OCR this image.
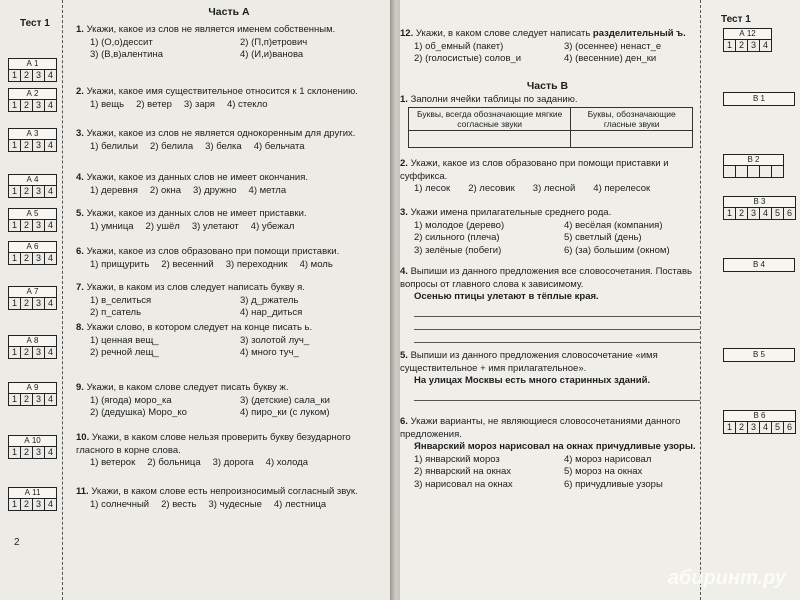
Тест 1
А 1
1 2 3 4
А 2
1 2 3 4
А 3
1 2 3 4
А 4
1 2 3 4
А 5
1 2 3 4
А 6
1 2 3 4
А 7
1 2 3 4
А 8
1 2 3 4
А 9
1 2 3 4
А 10
1 2 3 4
А 11
1 2 3 4
Часть А
2
1. Укажи, какое из слов не является именем собственным.
1) (О,о)дессит	2) (П,п)етрович
3) (В,в)алентина	4) (И,и)ванова
2. Укажи, какое имя существительное относится к 1 склонению.
1) вещь 2) ветер 3) заря 4) стекло
3. Укажи, какое из слов не является однокоренным для других.
1) белильи 2) белила 3) белка 4) бельчата
4. Укажи, какое из данных слов не имеет окончания.
1) деревня 2) окна 3) дружно 4) метла
5. Укажи, какое из данных слов не имеет приставки.
1) умница 2) ушёл 3) улетают 4) убежал
6. Укажи, какое из слов образовано при помощи приставки.
1) прищурить 2) весенний 3) переходник 4) моль
7. Укажи, в каком из слов следует написать букву я.
1) в_селиться	3) д_ржатель
2) п_сатель	4) нар_диться
8. Укажи слово, в котором следует на конце писать ь.
1) ценная вещ_	3) золотой луч_
2) речной лещ_	4) много туч_
9. Укажи, в каком слове следует писать букву ж.
1) (ягода) моро_ка	3) (детские) сала_ки
2) (дедушка) Моро_ко	4) пиро_ки (с луком)
10. Укажи, в каком слове нельзя проверить букву безударного гласного в корне слова.
1) ветерок 2) больница 3) дорога 4) холода
11. Укажи, в каком слове есть непроизносимый согласный звук.
1) солнечный 2) весть 3) чудесные 4) лестница
Тест 1
А 12
1 2 3 4
В 1
В 2
В 3
1 2 3 4 5 6
В 4
В 5
В 6
1 2 3 4 5 6
12. Укажи, в каком слове следует написать разделительный ъ.
1) об_емный (пакет)	3) (осеннее) ненаст_е
2) (голосистые) солов_и	4) (весенние) ден_ки
Часть В
1. Заполни ячейки таблицы по заданию.
Буквы, всегда обозначающие мягкие согласные звуки	Буквы, обозначающие гласные звуки

2. Укажи, какое из слов образовано при помощи приставки и суффикса.
1) лесок 2) лесовик 3) лесной 4) перелесок
3. Укажи имена прилагательные среднего рода.
1) молодое (дерево)	4) весёлая (компания)
2) сильного (плеча)	5) светлый (день)
3) зелёные (побеги)	6) (за) большим (окном)
4. Выпиши из данного предложения все словосочетания. Поставь вопросы от главного слова к зависимому.
Осенью птицы улетают в тёплые края.
5. Выпиши из данного предложения словосочетание «имя существительное + имя прилагательное».
На улицах Москвы есть много старинных зданий.
6. Укажи варианты, не являющиеся словосочетаниями данного предложения.
Январский мороз нарисовал на окнах причудливые узоры.
1) январский мороз	4) мороз нарисовал
2) январский на окнах	5) мороз на окнах
3) нарисовал на окнах	6) причудливые узоры
абиринт.ру
